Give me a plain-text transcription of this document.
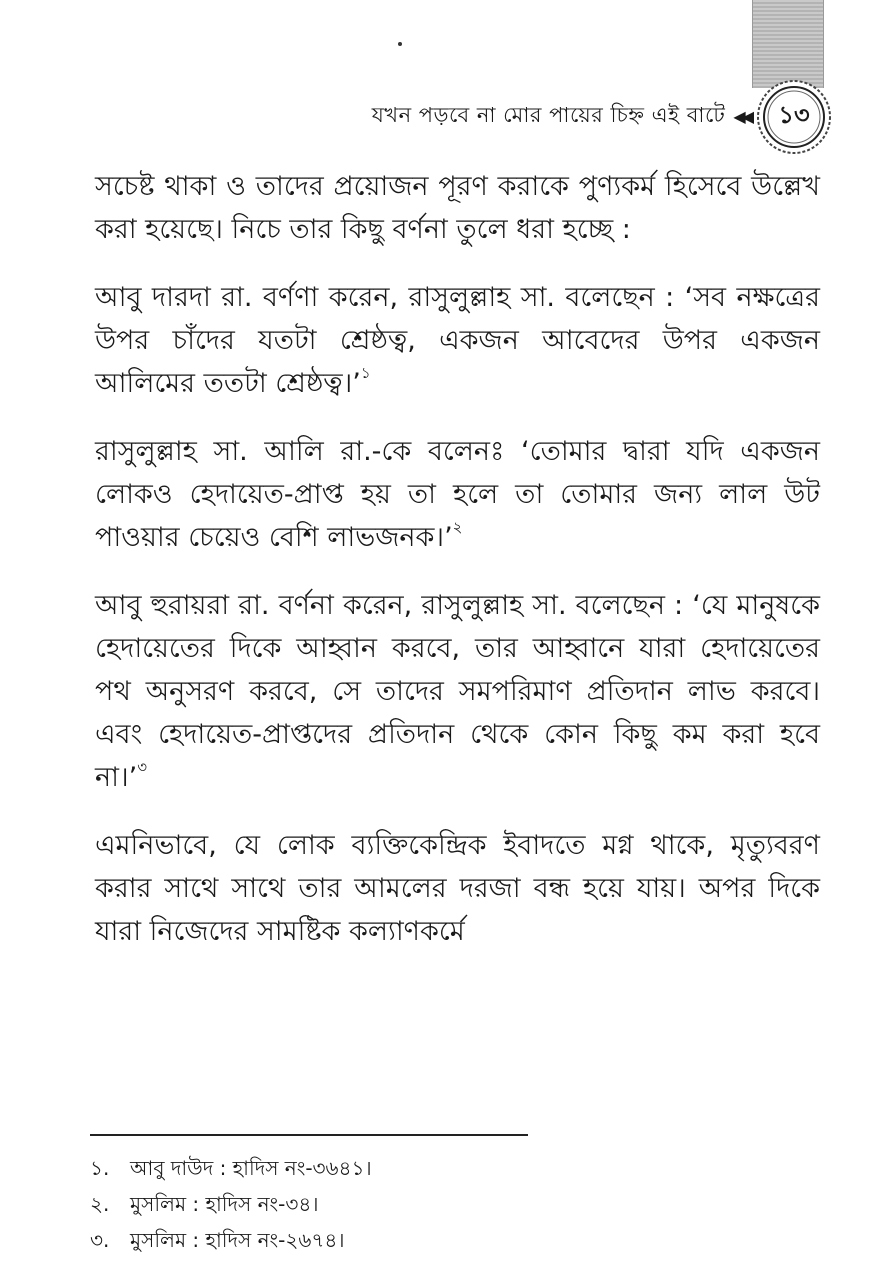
যখন পড়বে না মোর পায়ের চিহ্ন এই বাটে ◀◀	১৩

সচেষ্ট থাকা ও তাদের প্রয়োজন পূরণ করাকে পুণ্যকর্ম হিসেবে উল্লেখ করা হয়েছে। নিচে তার কিছু বর্ণনা তুলে ধরা হচ্ছে :

আবু দারদা রা. বর্ণণা করেন, রাসুলুল্লাহ সা. বলেছেন : ‘সব নক্ষত্রের উপর চাঁদের যতটা শ্রেষ্ঠত্ব, একজন আবেদের উপর একজন আলিমের ততটা শ্রেষ্ঠত্ব।’$^১$

রাসুলুল্লাহ সা. আলি রা.-কে বলেনঃ ‘তোমার দ্বারা যদি একজন লোকও হেদায়েত-প্রাপ্ত হয় তা হলে তা তোমার জন্য লাল উট পাওয়ার চেয়েও বেশি লাভজনক।’$^২$

আবু হুরায়রা রা. বর্ণনা করেন, রাসুলুল্লাহ সা. বলেছেন : ‘যে মানুষকে হেদায়েতের দিকে আহ্বান করবে, তার আহ্বানে যারা হেদায়েতের পথ অনুসরণ করবে, সে তাদের সমপরিমাণ প্রতিদান লাভ করবে। এবং হেদায়েত-প্রাপ্তদের প্রতিদান থেকে কোন কিছু কম করা হবে না।’$^৩$

এমনিভাবে, যে লোক ব্যক্তিকেন্দ্রিক ইবাদতে মগ্ন থাকে, মৃত্যুবরণ করার সাথে সাথে তার আমলের দরজা বন্ধ হয়ে যায়। অপর দিকে যারা নিজেদের সামষ্টিক কল্যাণকর্মে

১.	আবু দাউদ : হাদিস নং-৩৬৪১।
২.	মুসলিম : হাদিস নং-৩৪।
৩.	মুসলিম : হাদিস নং-২৬৭৪।
